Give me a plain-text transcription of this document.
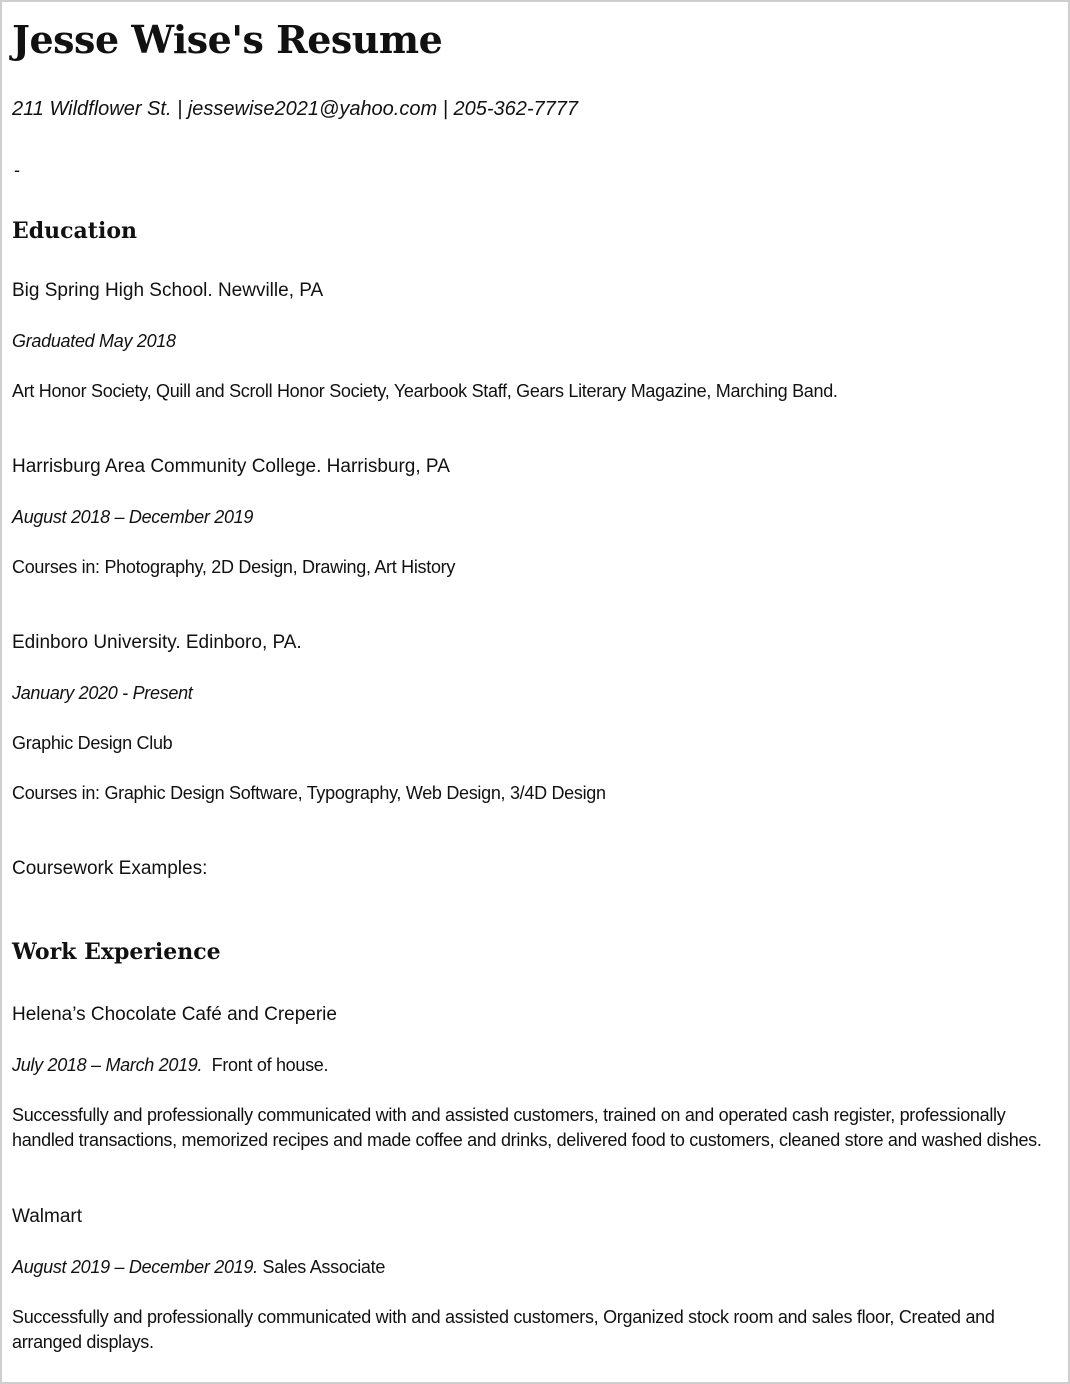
Jesse Wise's Resume
211 Wildflower St. | jessewise2021@yahoo.com | 205-362-7777
-
Education
Big Spring High School. Newville, PA
Graduated May 2018
Art Honor Society, Quill and Scroll Honor Society, Yearbook Staff, Gears Literary Magazine, Marching Band.
Harrisburg Area Community College. Harrisburg, PA
August 2018 – December 2019
Courses in: Photography, 2D Design, Drawing, Art History
Edinboro University. Edinboro, PA.
January 2020 - Present
Graphic Design Club
Courses in: Graphic Design Software, Typography, Web Design, 3/4D Design
Coursework Examples:
Work Experience
Helena’s Chocolate Café and Creperie
July 2018 – March 2019. Front of house.
Successfully and professionally communicated with and assisted customers, trained on and operated cash register, professionally handled transactions, memorized recipes and made coffee and drinks, delivered food to customers, cleaned store and washed dishes.
Walmart
August 2019 – December 2019. Sales Associate
Successfully and professionally communicated with and assisted customers, Organized stock room and sales floor, Created and arranged displays.
